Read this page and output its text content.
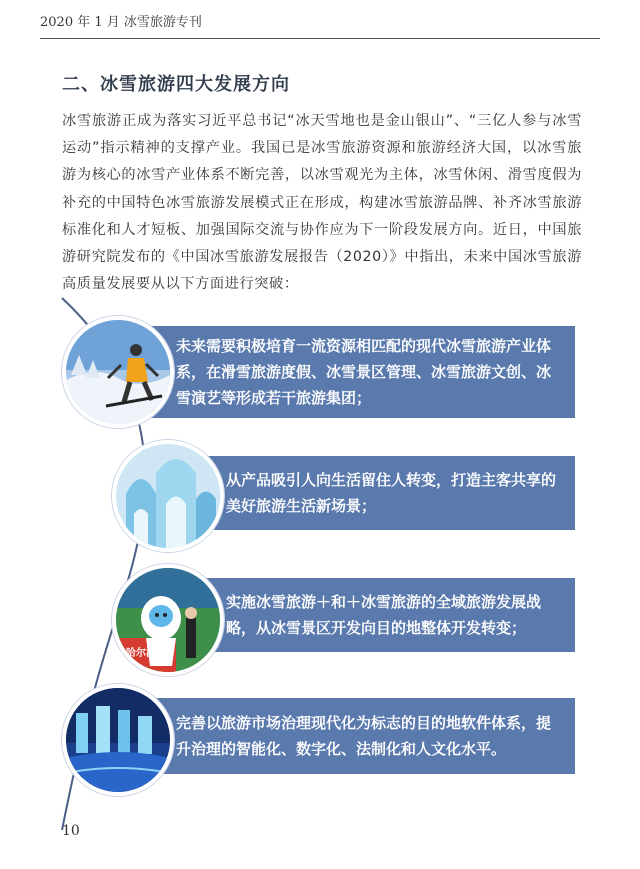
2020 年 1 月 冰雪旅游专刊
二、冰雪旅游四大发展方向
冰雪旅游正成为落实习近平总书记“冰天雪地也是金山银山”、“三亿人参与冰雪运动”指示精神的支撑产业。我国已是冰雪旅游资源和旅游经济大国，以冰雪旅游为核心的冰雪产业体系不断完善，以冰雪观光为主体，冰雪休闲、滑雪度假为补充的中国特色冰雪旅游发展模式正在形成，构建冰雪旅游品牌、补齐冰雪旅游标准化和人才短板、加强国际交流与协作应为下一阶段发展方向。近日，中国旅游研究院发布的《中国冰雪旅游发展报告（2020）》中指出，未来中国冰雪旅游高质量发展要从以下方面进行突破：
未来需要积极培育一流资源相匹配的现代冰雪旅游产业体系，在滑雪旅游度假、冰雪景区管理、冰雪旅游文创、冰雪演艺等形成若干旅游集团；
从产品吸引人向生活留住人转变，打造主客共享的美好旅游生活新场景；
实施冰雪旅游＋和＋冰雪旅游的全域旅游发展战略，从冰雪景区开发向目的地整体开发转变；
哈尔滨冰
完善以旅游市场治理现代化为标志的目的地软件体系，提升治理的智能化、数字化、法制化和人文化水平。
10
